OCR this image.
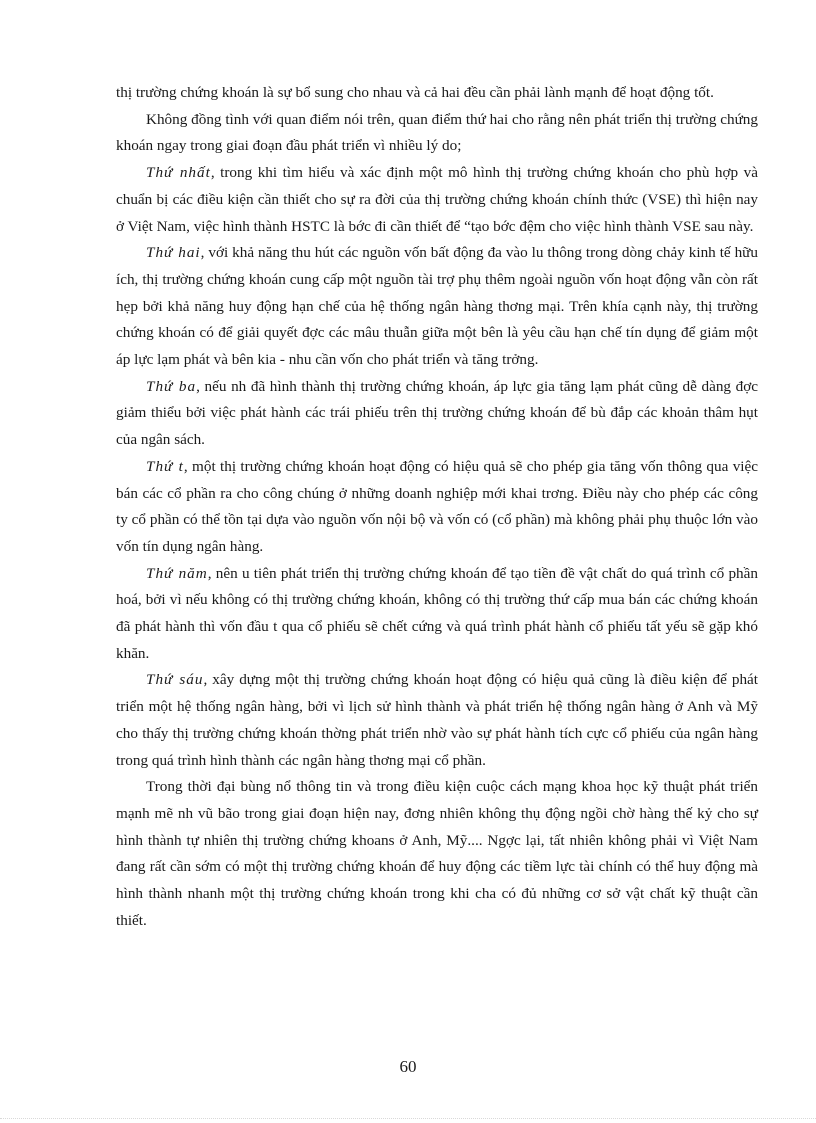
thị trường chứng khoán là sự bổ sung cho nhau và cả hai đều cần phải lành mạnh để hoạt động tốt.

Không đồng tình với quan điểm nói trên, quan điểm thứ hai cho rằng nên phát triển thị trường chứng khoán ngay trong giai đoạn đầu phát triển vì nhiều lý do;

Thứ nhất, trong khi tìm hiểu và xác định một mô hình thị trường chứng khoán cho phù hợp và chuẩn bị các điều kiện cần thiết cho sự ra đời của thị trường chứng khoán chính thức (VSE) thì hiện nay ở Việt Nam, việc hình thành HSTC là bớc đi cần thiết để “tạo bớc đệm cho việc hình thành VSE sau này.

Thứ hai, với khả năng thu hút các nguồn vốn bất động đa vào lu thông trong dòng chảy kinh tế hữu ích, thị trường chứng khoán cung cấp một nguồn tài trợ phụ thêm ngoài nguồn vốn hoạt động vẫn còn rất hẹp bởi khả năng huy động hạn chế của hệ thống ngân hàng thơng mại. Trên khía cạnh này, thị trường chứng khoán có để giải quyết đợc các mâu thuẫn giữa một bên là yêu cầu hạn chế tín dụng để giảm một áp lực lạm phát và bên kia - nhu cần vốn cho phát triển và tăng trởng.

Thứ ba, nếu nh đã hình thành thị trường chứng khoán, áp lực gia tăng lạm phát cũng dễ dàng đợc giảm thiểu bởi việc phát hành các trái phiếu trên thị trường chứng khoán để bù đắp các khoản thâm hụt của ngân sách.

Thứ t, một thị trường chứng khoán hoạt động có hiệu quả sẽ cho phép gia tăng vốn thông qua việc bán các cổ phần ra cho công chúng ở những doanh nghiệp mới khai trơng. Điều này cho phép các công ty cổ phần có thể tồn tại dựa vào nguồn vốn nội bộ và vốn có (cổ phần) mà không phải phụ thuộc lớn vào vốn tín dụng ngân hàng.

Thứ năm, nên u tiên phát triển thị trường chứng khoán để tạo tiền đề vật chất do quá trình cổ phần hoá, bởi vì nếu không có thị trường chứng khoán, không có thị trường thứ cấp mua bán các chứng khoán đã phát hành thì vốn đầu t qua cổ phiếu sẽ chết cứng và quá trình phát hành cổ phiếu tất yếu sẽ gặp khó khăn.

Thứ sáu, xây dựng một thị trường chứng khoán hoạt động có hiệu quả cũng là điều kiện để phát triển một hệ thống ngân hàng, bởi vì lịch sử hình thành và phát triển hệ thống ngân hàng ở Anh và Mỹ cho thấy thị trường chứng khoán thờng phát triển nhờ vào sự phát hành tích cực cổ phiếu của ngân hàng trong quá trình hình thành các ngân hàng thơng mại cổ phần.

Trong thời đại bùng nổ thông tin và trong điều kiện cuộc cách mạng khoa học kỹ thuật phát triển mạnh mẽ nh vũ bão trong giai đoạn hiện nay, đơng nhiên không thụ động ngồi chờ hàng thế kỷ cho sự hình thành tự nhiên thị trường chứng khoans ở Anh, Mỹ.... Ngợc lại, tất nhiên không phải vì Việt Nam đang rất cần sớm có một thị trường chứng khoán để huy động các tiềm lực tài chính có thể huy động mà hình thành nhanh một thị trường chứng khoán trong khi cha có đủ những cơ sở vật chất kỹ thuật cần thiết.

60
